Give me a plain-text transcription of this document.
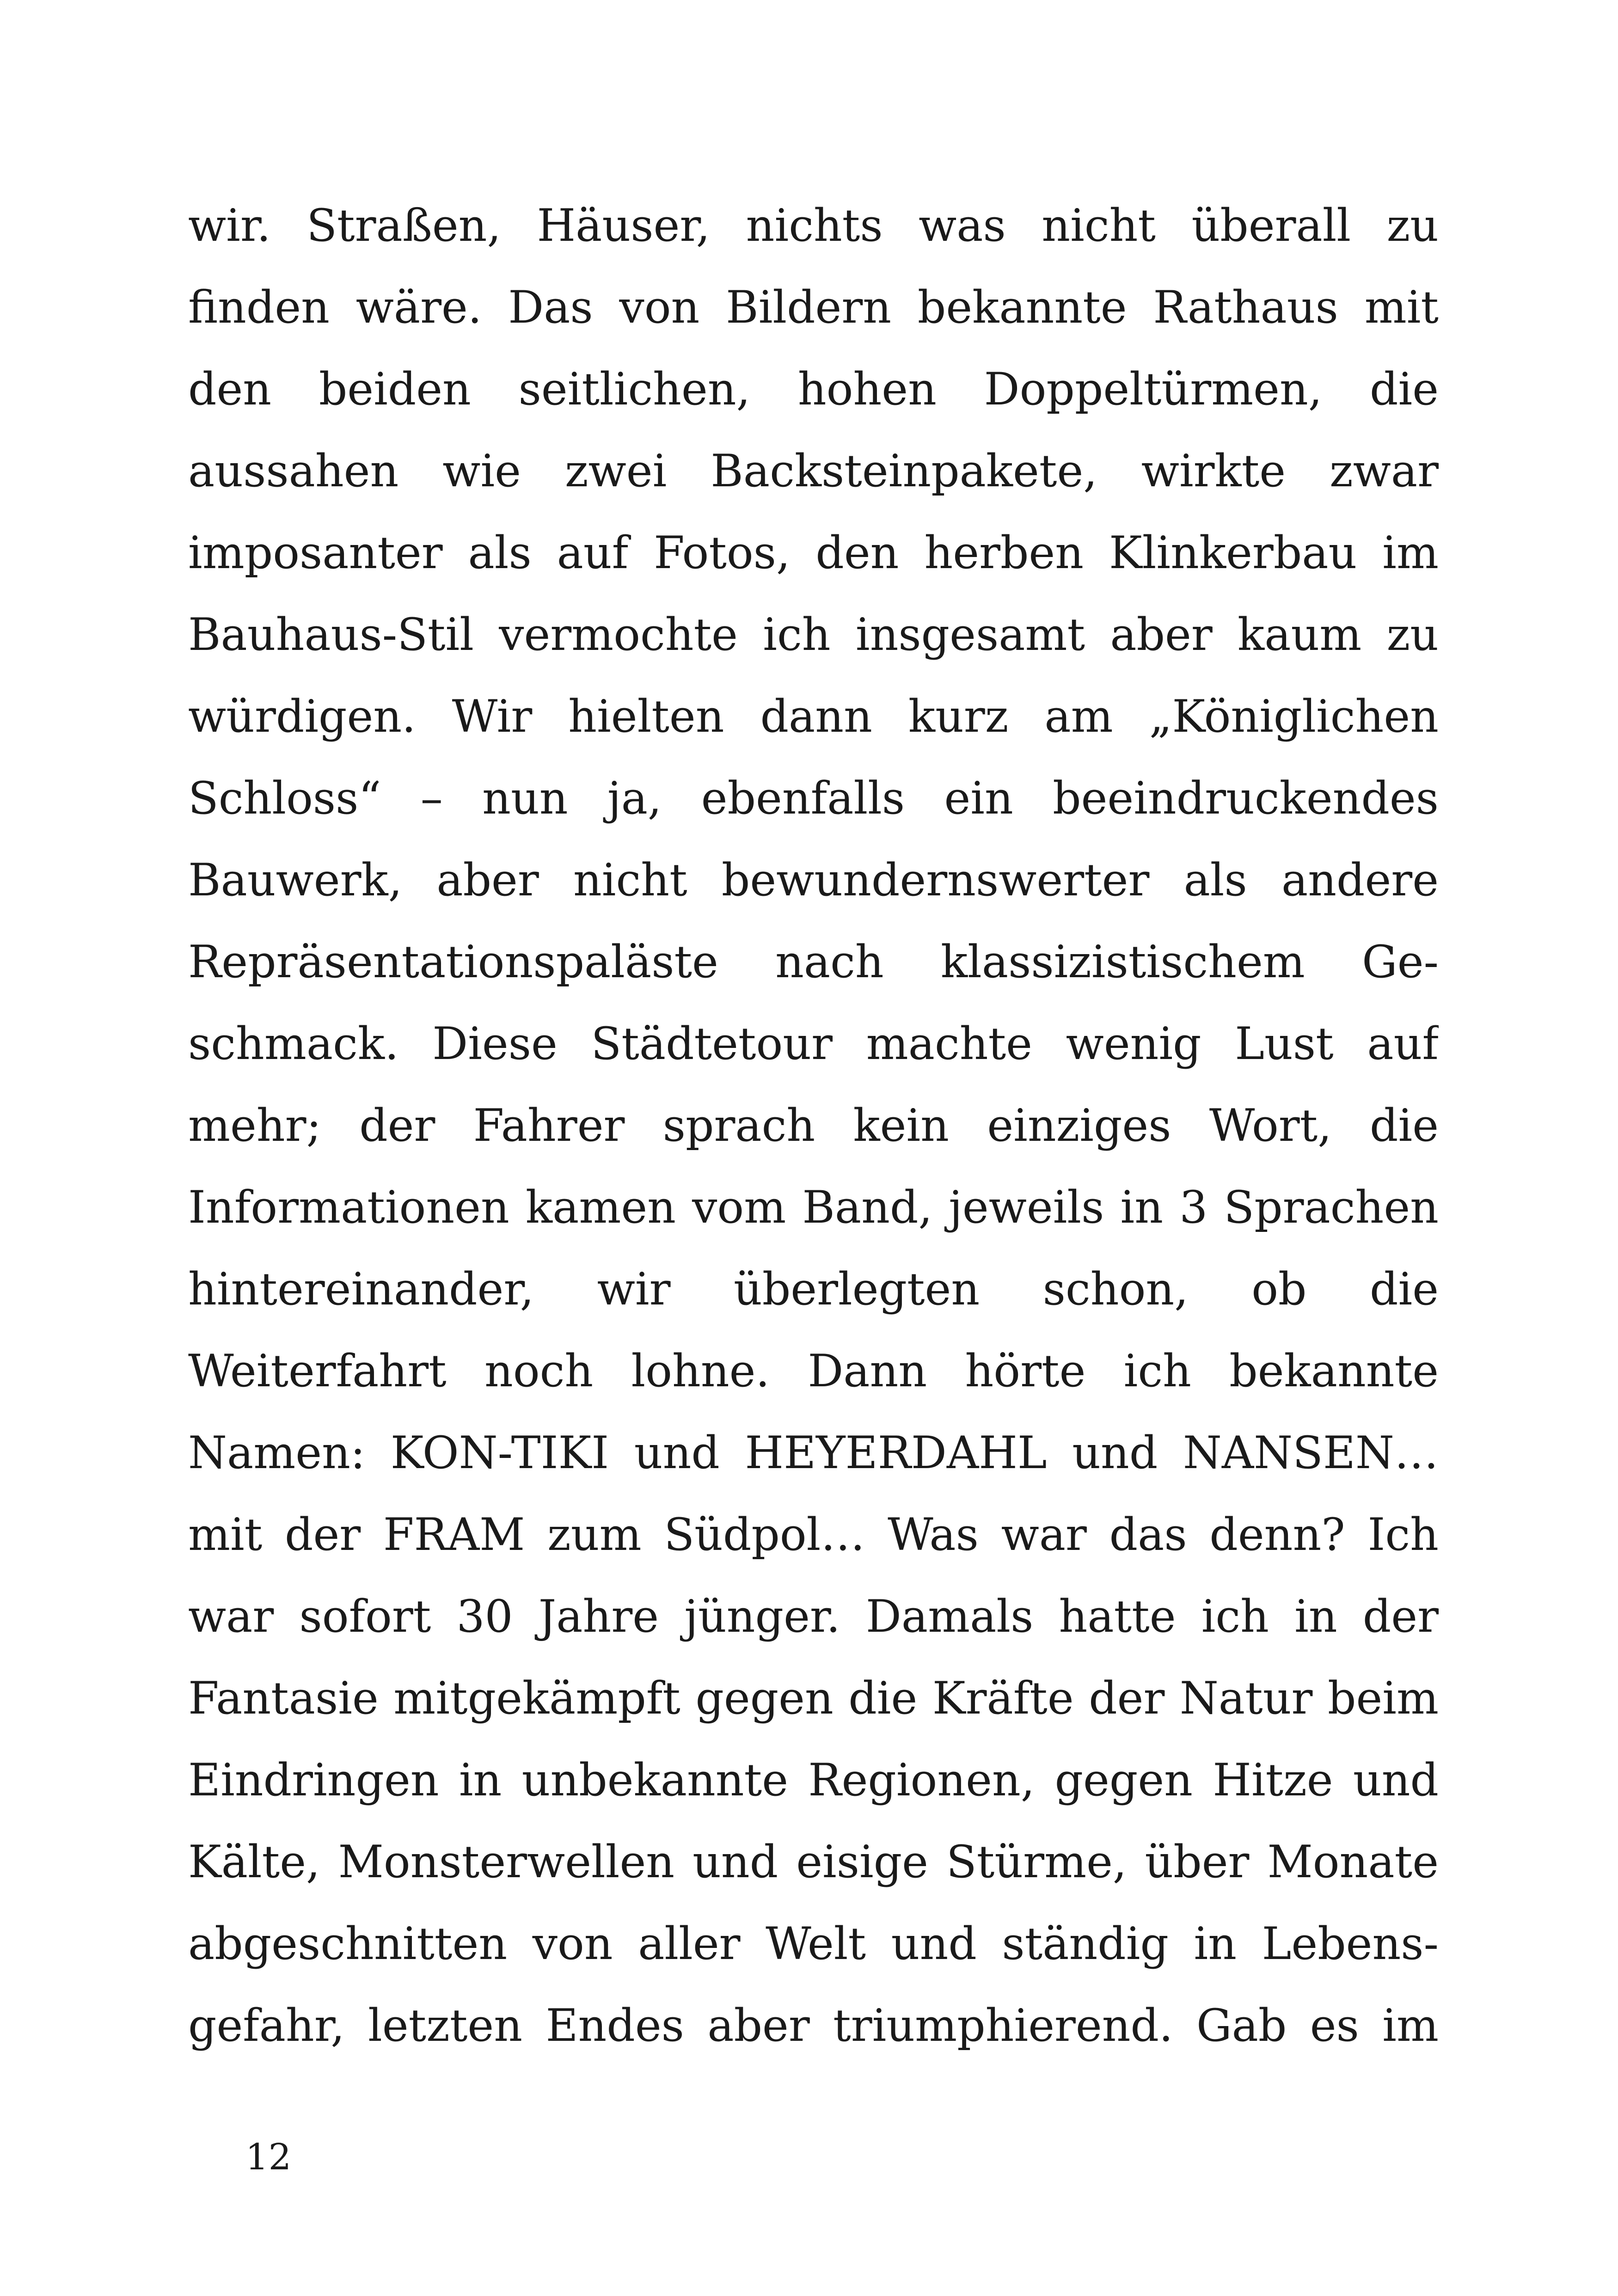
wir. Straßen, Häuser, nichts was nicht überall zu
finden wäre. Das von Bildern bekannte Rathaus mit
den beiden seitlichen, hohen Doppeltürmen, die
aussahen wie zwei Backsteinpakete, wirkte zwar
imposanter als auf Fotos, den herben Klinkerbau im
Bauhaus-Stil vermochte ich insgesamt aber kaum zu
würdigen. Wir hielten dann kurz am „Königlichen
Schloss“ – nun ja, ebenfalls ein beeindruckendes
Bauwerk, aber nicht bewundernswerter als andere
Repräsentationspaläste nach klassizistischem Ge-
schmack. Diese Städtetour machte wenig Lust auf
mehr; der Fahrer sprach kein einziges Wort, die
Informationen kamen vom Band, jeweils in 3 Sprachen
hintereinander, wir überlegten schon, ob die
Weiterfahrt noch lohne. Dann hörte ich bekannte
Namen: KON-TIKI und HEYERDAHL und NANSEN…
mit der FRAM zum Südpol… Was war das denn? Ich
war sofort 30 Jahre jünger. Damals hatte ich in der
Fantasie mitgekämpft gegen die Kräfte der Natur beim
Eindringen in unbekannte Regionen, gegen Hitze und
Kälte, Monsterwellen und eisige Stürme, über Monate
abgeschnitten von aller Welt und ständig in Lebens-
gefahr, letzten Endes aber triumphierend. Gab es im
12
